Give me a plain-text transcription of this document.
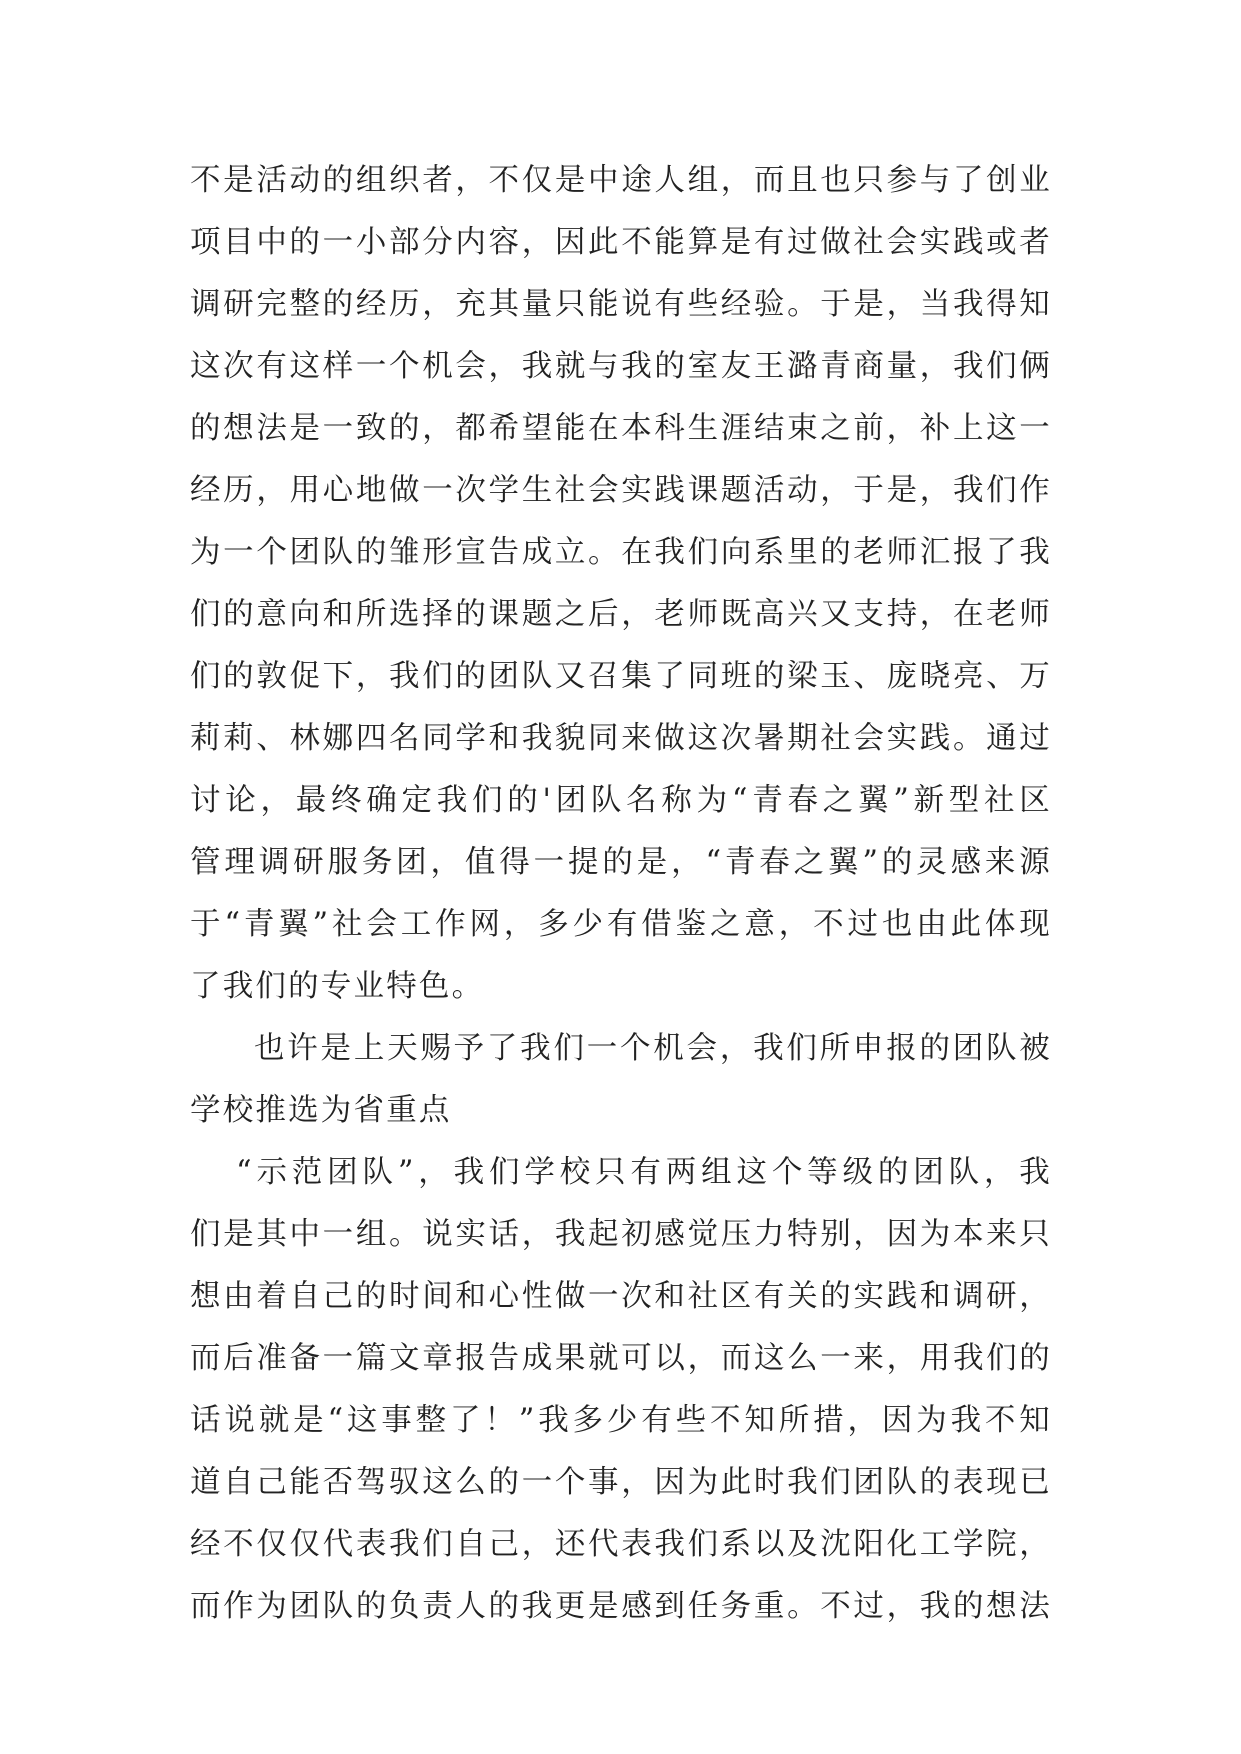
不是活动的组织者，不仅是中途人组，而且也只参与了创业
项目中的一小部分内容，因此不能算是有过做社会实践或者
调研完整的经历，充其量只能说有些经验。于是，当我得知
这次有这样一个机会，我就与我的室友王潞青商量，我们俩
的想法是一致的，都希望能在本科生涯结束之前，补上这一
经历，用心地做一次学生社会实践课题活动，于是，我们作
为一个团队的雏形宣告成立。在我们向系里的老师汇报了我
们的意向和所选择的课题之后，老师既高兴又支持，在老师
们的敦促下，我们的团队又召集了同班的梁玉、庞晓亮、万
莉莉、林娜四名同学和我貌同来做这次暑期社会实践。通过
讨论，最终确定我们的'团队名称为“青春之翼”新型社区
管理调研服务团，值得一提的是，“青春之翼”的灵感来源
于“青翼”社会工作网，多少有借鉴之意，不过也由此体现
了我们的专业特色。
也许是上天赐予了我们一个机会，我们所申报的团队被
学校推选为省重点
“示范团队”，我们学校只有两组这个等级的团队，我
们是其中一组。说实话，我起初感觉压力特别，因为本来只
想由着自己的时间和心性做一次和社区有关的实践和调研，
而后准备一篇文章报告成果就可以，而这么一来，用我们的
话说就是“这事整了！”我多少有些不知所措，因为我不知
道自己能否驾驭这么的一个事，因为此时我们团队的表现已
经不仅仅代表我们自己，还代表我们系以及沈阳化工学院，
而作为团队的负责人的我更是感到任务重。不过，我的想法
